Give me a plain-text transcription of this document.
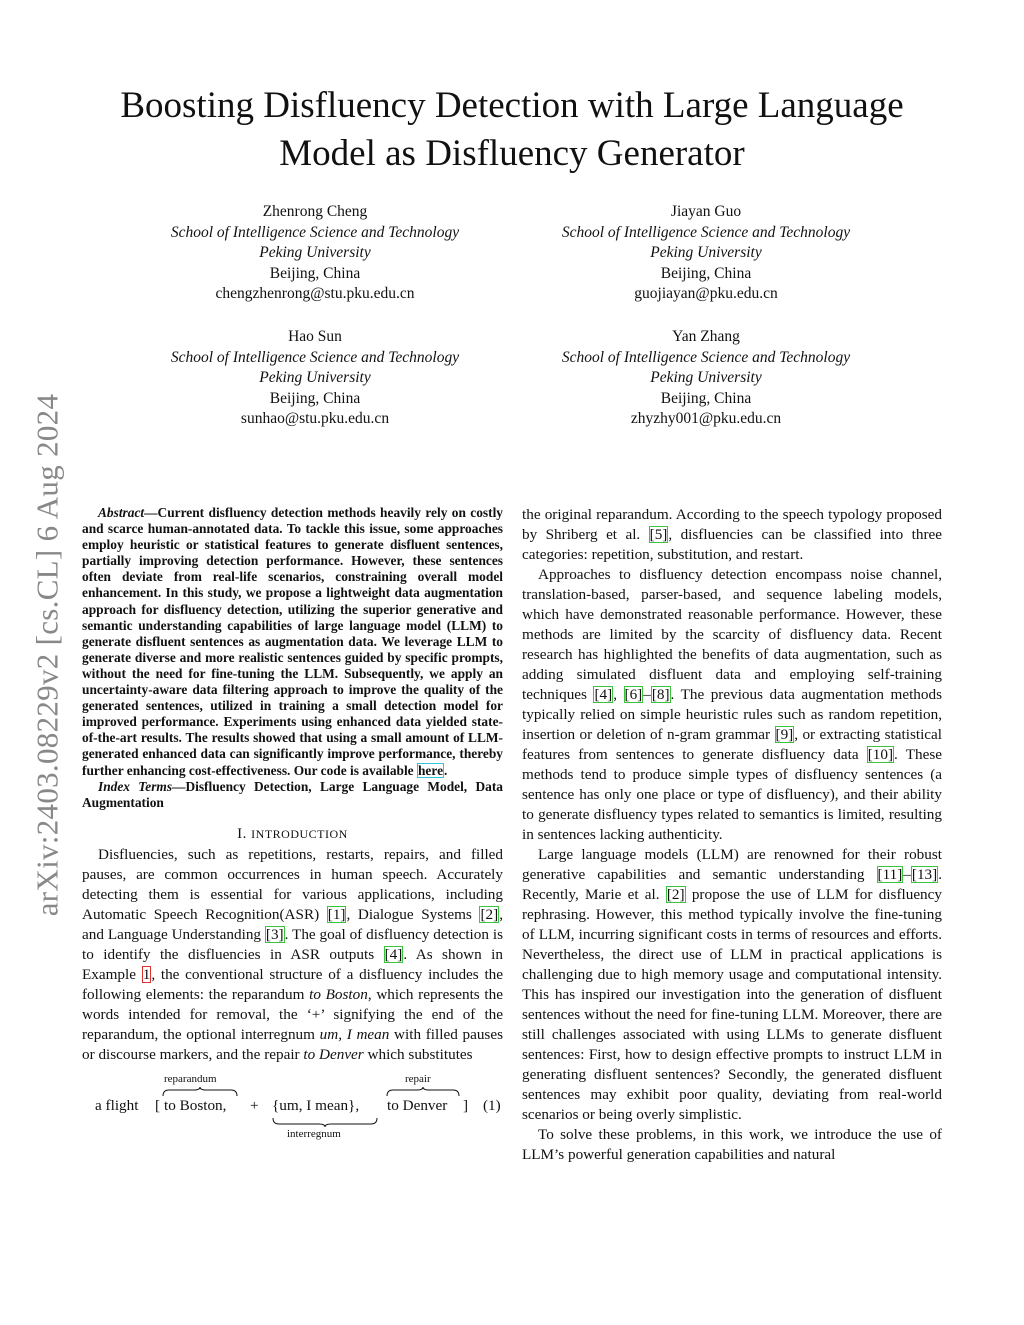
arXiv:2403.08229v2 [cs.CL] 6 Aug 2024
Boosting Disfluency Detection with Large Language
Model as Disfluency Generator
Zhenrong Cheng
School of Intelligence Science and Technology
Peking University
Beijing, China
chengzhenrong@stu.pku.edu.cn
Jiayan Guo
School of Intelligence Science and Technology
Peking University
Beijing, China
guojiayan@pku.edu.cn
Hao Sun
School of Intelligence Science and Technology
Peking University
Beijing, China
sunhao@stu.pku.edu.cn
Yan Zhang
School of Intelligence Science and Technology
Peking University
Beijing, China
zhyzhy001@pku.edu.cn

Abstract—Current disfluency detection methods heavily rely on costly and scarce human-annotated data. To tackle this issue, some approaches employ heuristic or statistical features to generate disfluent sentences, partially improving detection performance. However, these sentences often deviate from real-life scenarios, constraining overall model enhancement. In this study, we propose a lightweight data augmentation approach for disfluency detection, utilizing the superior generative and semantic understanding capabilities of large language model (LLM) to generate disfluent sentences as augmentation data. We leverage LLM to generate diverse and more realistic sentences guided by specific prompts, without the need for fine-tuning the LLM. Subsequently, we apply an uncertainty-aware data filtering approach to improve the quality of the generated sentences, utilized in training a small detection model for improved performance. Experiments using enhanced data yielded state-of-the-art results. The results showed that using a small amount of LLM-generated enhanced data can significantly improve performance, thereby further enhancing cost-effectiveness. Our code is available here.

Index Terms—Disfluency Detection, Large Language Model, Data Augmentation

I. INTRODUCTION

Disfluencies, such as repetitions, restarts, repairs, and filled pauses, are common occurrences in human speech. Accurately detecting them is essential for various applications, including Automatic Speech Recognition(ASR) [1], Dialogue Systems [2], and Language Understanding [3]. The goal of disfluency detection is to identify the disfluencies in ASR outputs [4]. As shown in Example 1, the conventional structure of a disfluency includes the following elements: the reparandum to Boston, which represents the words intended for removal, the ‘+’ signifying the end of the reparandum, the optional interregnum um, I mean with filled pauses or discourse markers, and the repair to Denver which substitutes

a flight [
reparandum
to Boston, + {um, I mean},
interregnum
repair
to Denver ] (1)

the original reparandum. According to the speech typology proposed by Shriberg et al. [5], disfluencies can be classified into three categories: repetition, substitution, and restart.

Approaches to disfluency detection encompass noise channel, translation-based, parser-based, and sequence labeling models, which have demonstrated reasonable performance. However, these methods are limited by the scarcity of disfluency data. Recent research has highlighted the benefits of data augmentation, such as adding simulated disfluent data and employing self-training techniques [4], [6]–[8]. The previous data augmentation methods typically relied on simple heuristic rules such as random repetition, insertion or deletion of n-gram grammar [9], or extracting statistical features from sentences to generate disfluency data [10]. These methods tend to produce simple types of disfluency sentences (a sentence has only one place or type of disfluency), and their ability to generate disfluency types related to semantics is limited, resulting in sentences lacking authenticity.

Large language models (LLM) are renowned for their robust generative capabilities and semantic understanding [11]–[13]. Recently, Marie et al. [2] propose the use of LLM for disfluency rephrasing. However, this method typically involve the fine-tuning of LLM, incurring significant costs in terms of resources and efforts. Nevertheless, the direct use of LLM in practical applications is challenging due to high memory usage and computational intensity. This has inspired our investigation into the generation of disfluent sentences without the need for fine-tuning LLM. Moreover, there are still challenges associated with using LLMs to generate disfluent sentences: First, how to design effective prompts to instruct LLM in generating disfluent sentences? Secondly, the generated disfluent sentences may exhibit poor quality, deviating from real-world scenarios or being overly simplistic.

To solve these problems, in this work, we introduce the use of LLM’s powerful generation capabilities and natural
